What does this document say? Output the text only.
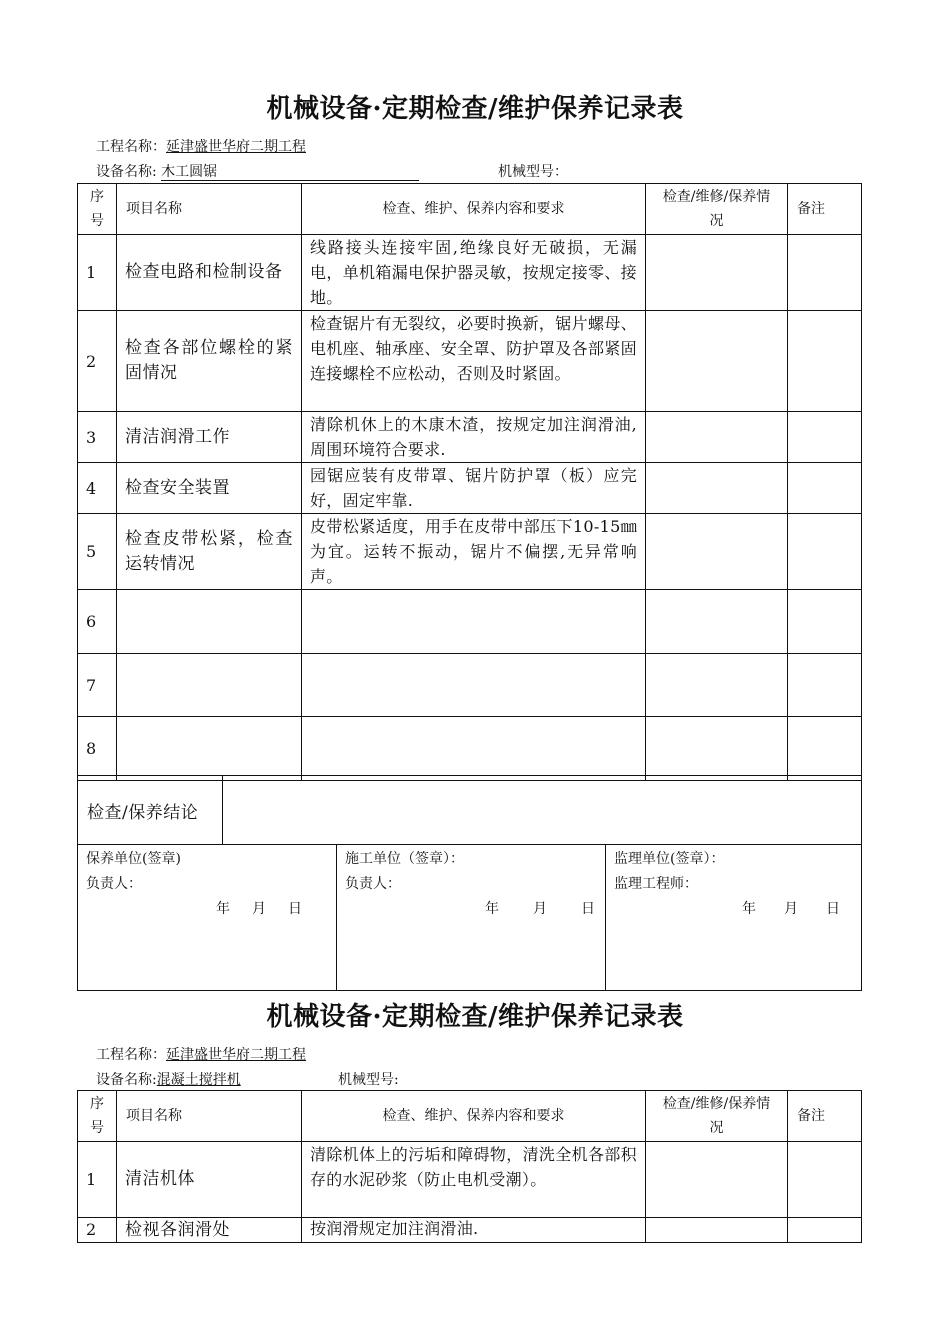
机械设备·定期检查/维护保养记录表
工程名称：延津盛世华府二期工程
设备名称: 木工圆锯	机械型号：
序号	项目名称	检查、维护、保养内容和要求	检查/维修/保养情况	备注
1	检查电路和检制设备	线路接头连接牢固,绝缘良好无破损，无漏电，单机箱漏电保护器灵敏，按规定接零、接地。		
2	检查各部位螺栓的紧固情况	检查锯片有无裂纹，必要时换新，锯片螺母、电机座、轴承座、安全罩、防护罩及各部紧固连接螺栓不应松动，否则及时紧固。		
3	清洁润滑工作	清除机休上的木康木渣，按规定加注润滑油,周围环境符合要求.		
4	检查安全装置	园锯应装有皮带罩、锯片防护罩（板）应完好，固定牢靠.		
5	检查皮带松紧，检查运转情况	皮带松紧适度，用手在皮带中部压下10-15㎜为宜。运转不振动，锯片不偏摆,无异常响声。		
6				
7				
8				
检查/保养结论	
保养单位(签章)
负责人：
年 月 日

施工单位（签章）：
负责人：
年 月 日

监理单位(签章）：
监理工程师：
年 月 日
机械设备·定期检查/维护保养记录表
工程名称：延津盛世华府二期工程
设备名称:混凝土搅拌机	机械型号:
序号	项目名称	检查、维护、保养内容和要求	检查/维修/保养情况	备注
1	清洁机体	清除机体上的污垢和障碍物，清洗全机各部积存的水泥砂浆（防止电机受潮）。		
2	检视各润滑处	按润滑规定加注润滑油.		
